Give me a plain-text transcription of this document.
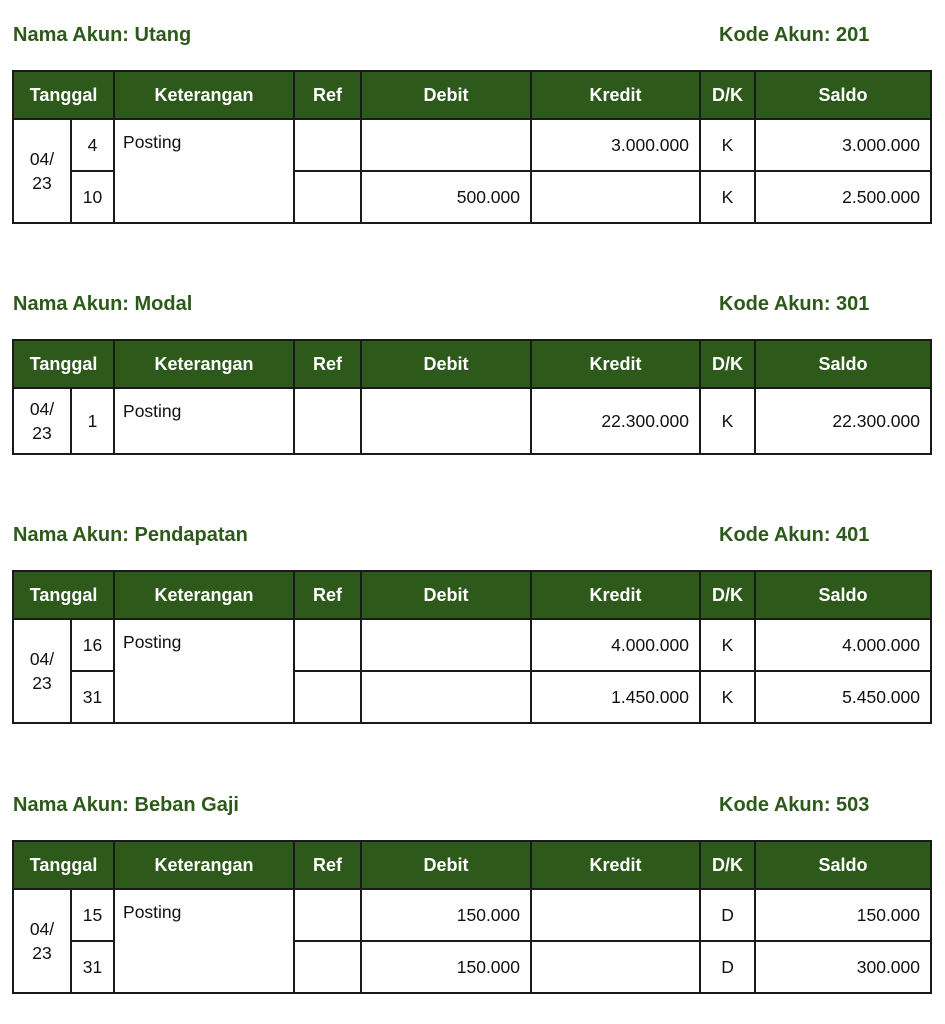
Nama Akun: Utang	Kode Akun: 201
Tanggal		Keterangan	Ref	Debit	Kredit	D/K	Saldo
04/
23	4	Posting			3.000.000	K	3.000.000
	10			500.000		K	2.500.000
Nama Akun: Modal	Kode Akun: 301
Tanggal		Keterangan	Ref	Debit	Kredit	D/K	Saldo
04/
23	1	Posting			22.300.000	K	22.300.000
Nama Akun: Pendapatan	Kode Akun: 401
Tanggal		Keterangan	Ref	Debit	Kredit	D/K	Saldo
04/
23	16	Posting			4.000.000	K	4.000.000
	31				1.450.000	K	5.450.000
Nama Akun: Beban Gaji	Kode Akun: 503
Tanggal		Keterangan	Ref	Debit	Kredit	D/K	Saldo
04/
23	15	Posting		150.000		D	150.000
	31			150.000		D	300.000
